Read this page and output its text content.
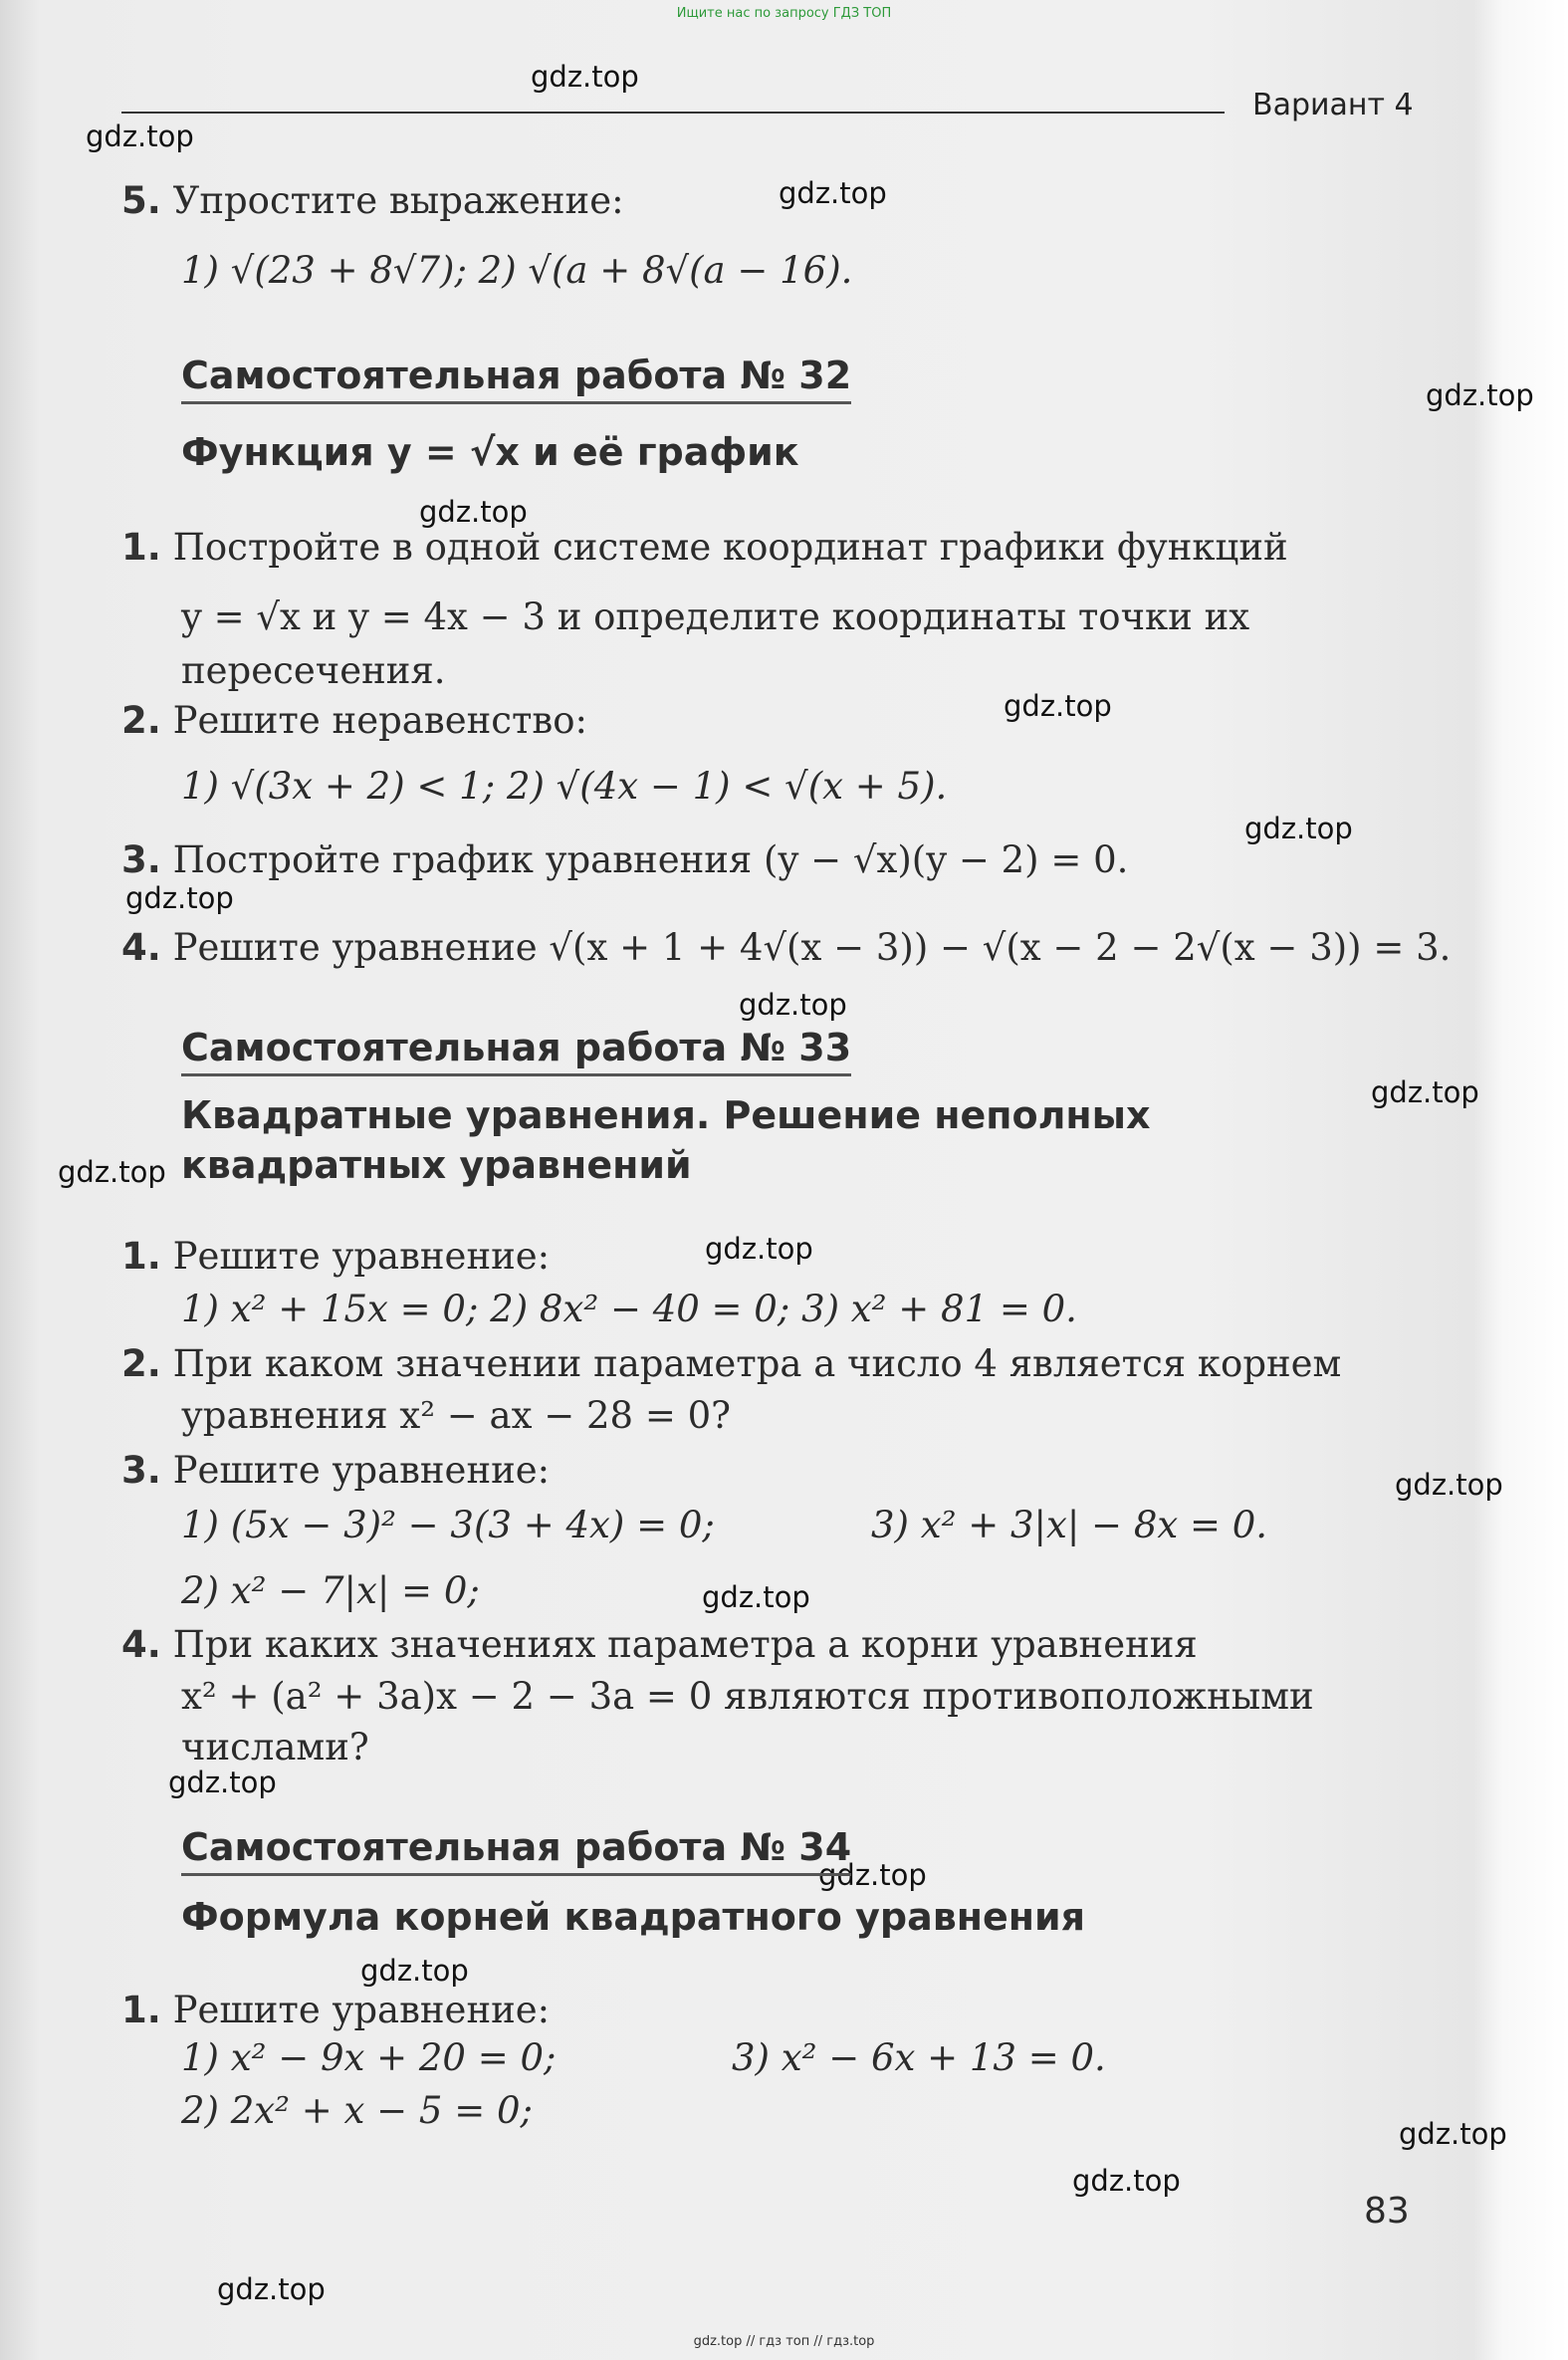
Ищите нас по запросу ГДЗ ТОП

Вариант 4
gdz.top
gdz.top
gdz.top
gdz.top
gdz.top
gdz.top
gdz.top
gdz.top
gdz.top
gdz.top
gdz.top
gdz.top
gdz.top
gdz.top
gdz.top
gdz.top
gdz.top
gdz.top
gdz.top
gdz.top
5. Упростите выражение:
1) √(23 + 8√7); 2) √(a + 8√(a − 16).
Самостоятельная работа № 32
Функция y = √x и её график
1. Постройте в одной системе координат графики функций
y = √x и y = 4x − 3 и определите координаты точки их
пересечения.
2. Решите неравенство:
1) √(3x + 2) < 1; 2) √(4x − 1) < √(x + 5).
3. Постройте график уравнения (y − √x)(y − 2) = 0.
4. Решите уравнение √(x + 1 + 4√(x − 3)) − √(x − 2 − 2√(x − 3)) = 3.
Самостоятельная работа № 33
Квадратные уравнения. Решение неполных
квадратных уравнений
1. Решите уравнение:
1) x² + 15x = 0; 2) 8x² − 40 = 0; 3) x² + 81 = 0.
2. При каком значении параметра a число 4 является корнем
уравнения x² − ax − 28 = 0?
3. Решите уравнение:
1) (5x − 3)² − 3(3 + 4x) = 0;	3) x² + 3|x| − 8x = 0.
2) x² − 7|x| = 0;
4. При каких значениях параметра a корни уравнения
x² + (a² + 3a)x − 2 − 3a = 0 являются противоположными
числами?
Самостоятельная работа № 34
Формула корней квадратного уравнения
1. Решите уравнение:
1) x² − 9x + 20 = 0;	3) x² − 6x + 13 = 0.
2) 2x² + x − 5 = 0;
83
gdz.top // гдз топ // гдз.top
